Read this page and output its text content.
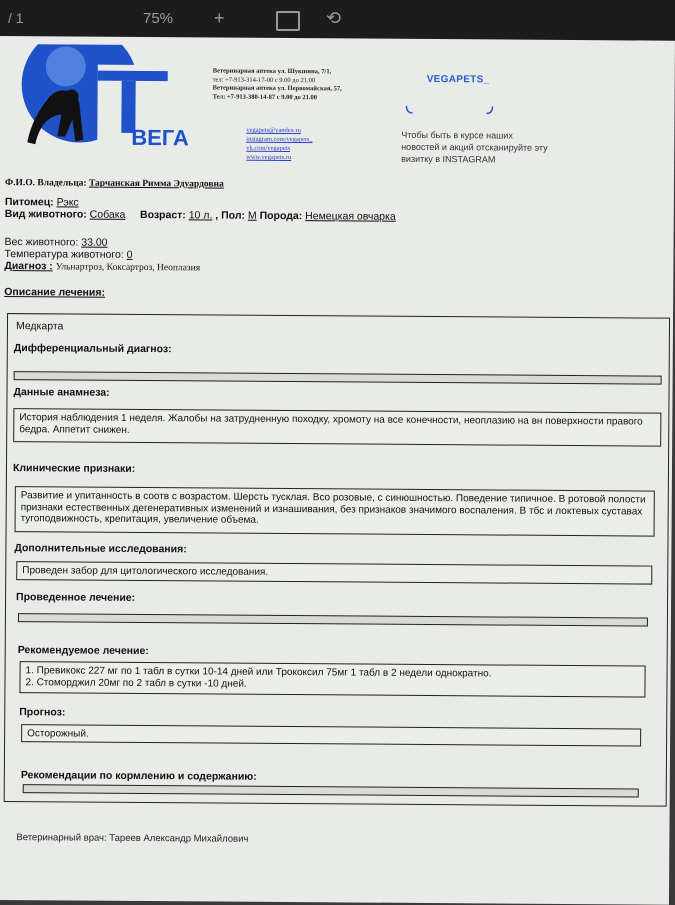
/ 1	75% +	⟲
ВЕГА
Ветеринарная аптека ул. Шукшина, 7/1,
тел: +7-913-314-17-00 с 9.00 до 21.00
Ветеринарная аптека ул. Первомайская, 57,
Тел: +7-913-380-14-87 с 9.00 до 21.00
vegapets@yandex.ru
instagram.com/vegapets_
vk.com/vegapets
www.vegapets.ru
VEGAPETS_
Чтобы быть в курсе наших новостей и акций отсканируйте эту визитку в INSTAGRAM
Ф.И.О. Владельца: Тарчанская Римма Эдуардовна
Питомец: Рэкс
Вид животного: Собака Возраст: 10 л. , Пол: М Порода: Немецкая овчарка
Вес животного: 33.00
Температура животного: 0
Диагноз : Ульнартроз, Коксартроз, Неоплазия
Описание лечения:
Медкарта
Дифференциальный диагноз:
Данные анамнеза:
История наблюдения 1 неделя. Жалобы на затрудненную походку, хромоту на все конечности, неоплазию на вн поверхности правого бедра. Аппетит снижен.
Клинические признаки:
Развитие и упитанность в соотв с возрастом. Шерсть тусклая. Всо розовые, с синюшностью. Поведение типичное. В ротовой полости признаки естественных дегенеративных изменений и изнашивания, без признаков значимого воспаления. В тбс и локтевых суставах тугоподвижность, крепитация, увеличение объема.
Дополнительные исследования:
Проведен забор для цитологического исследования.
Проведенное лечение:
Рекомендуемое лечение:
1. Превикокс 227 мг по 1 табл в сутки 10-14 дней или Трококсил 75мг 1 табл в 2 недели однократно.
2. Стоморджил 20мг по 2 табл в сутки -10 дней.
Прогноз:
Осторожный.
Рекомендации по кормлению и содержанию:
Ветеринарный врач: Тареев Александр Михайлович
